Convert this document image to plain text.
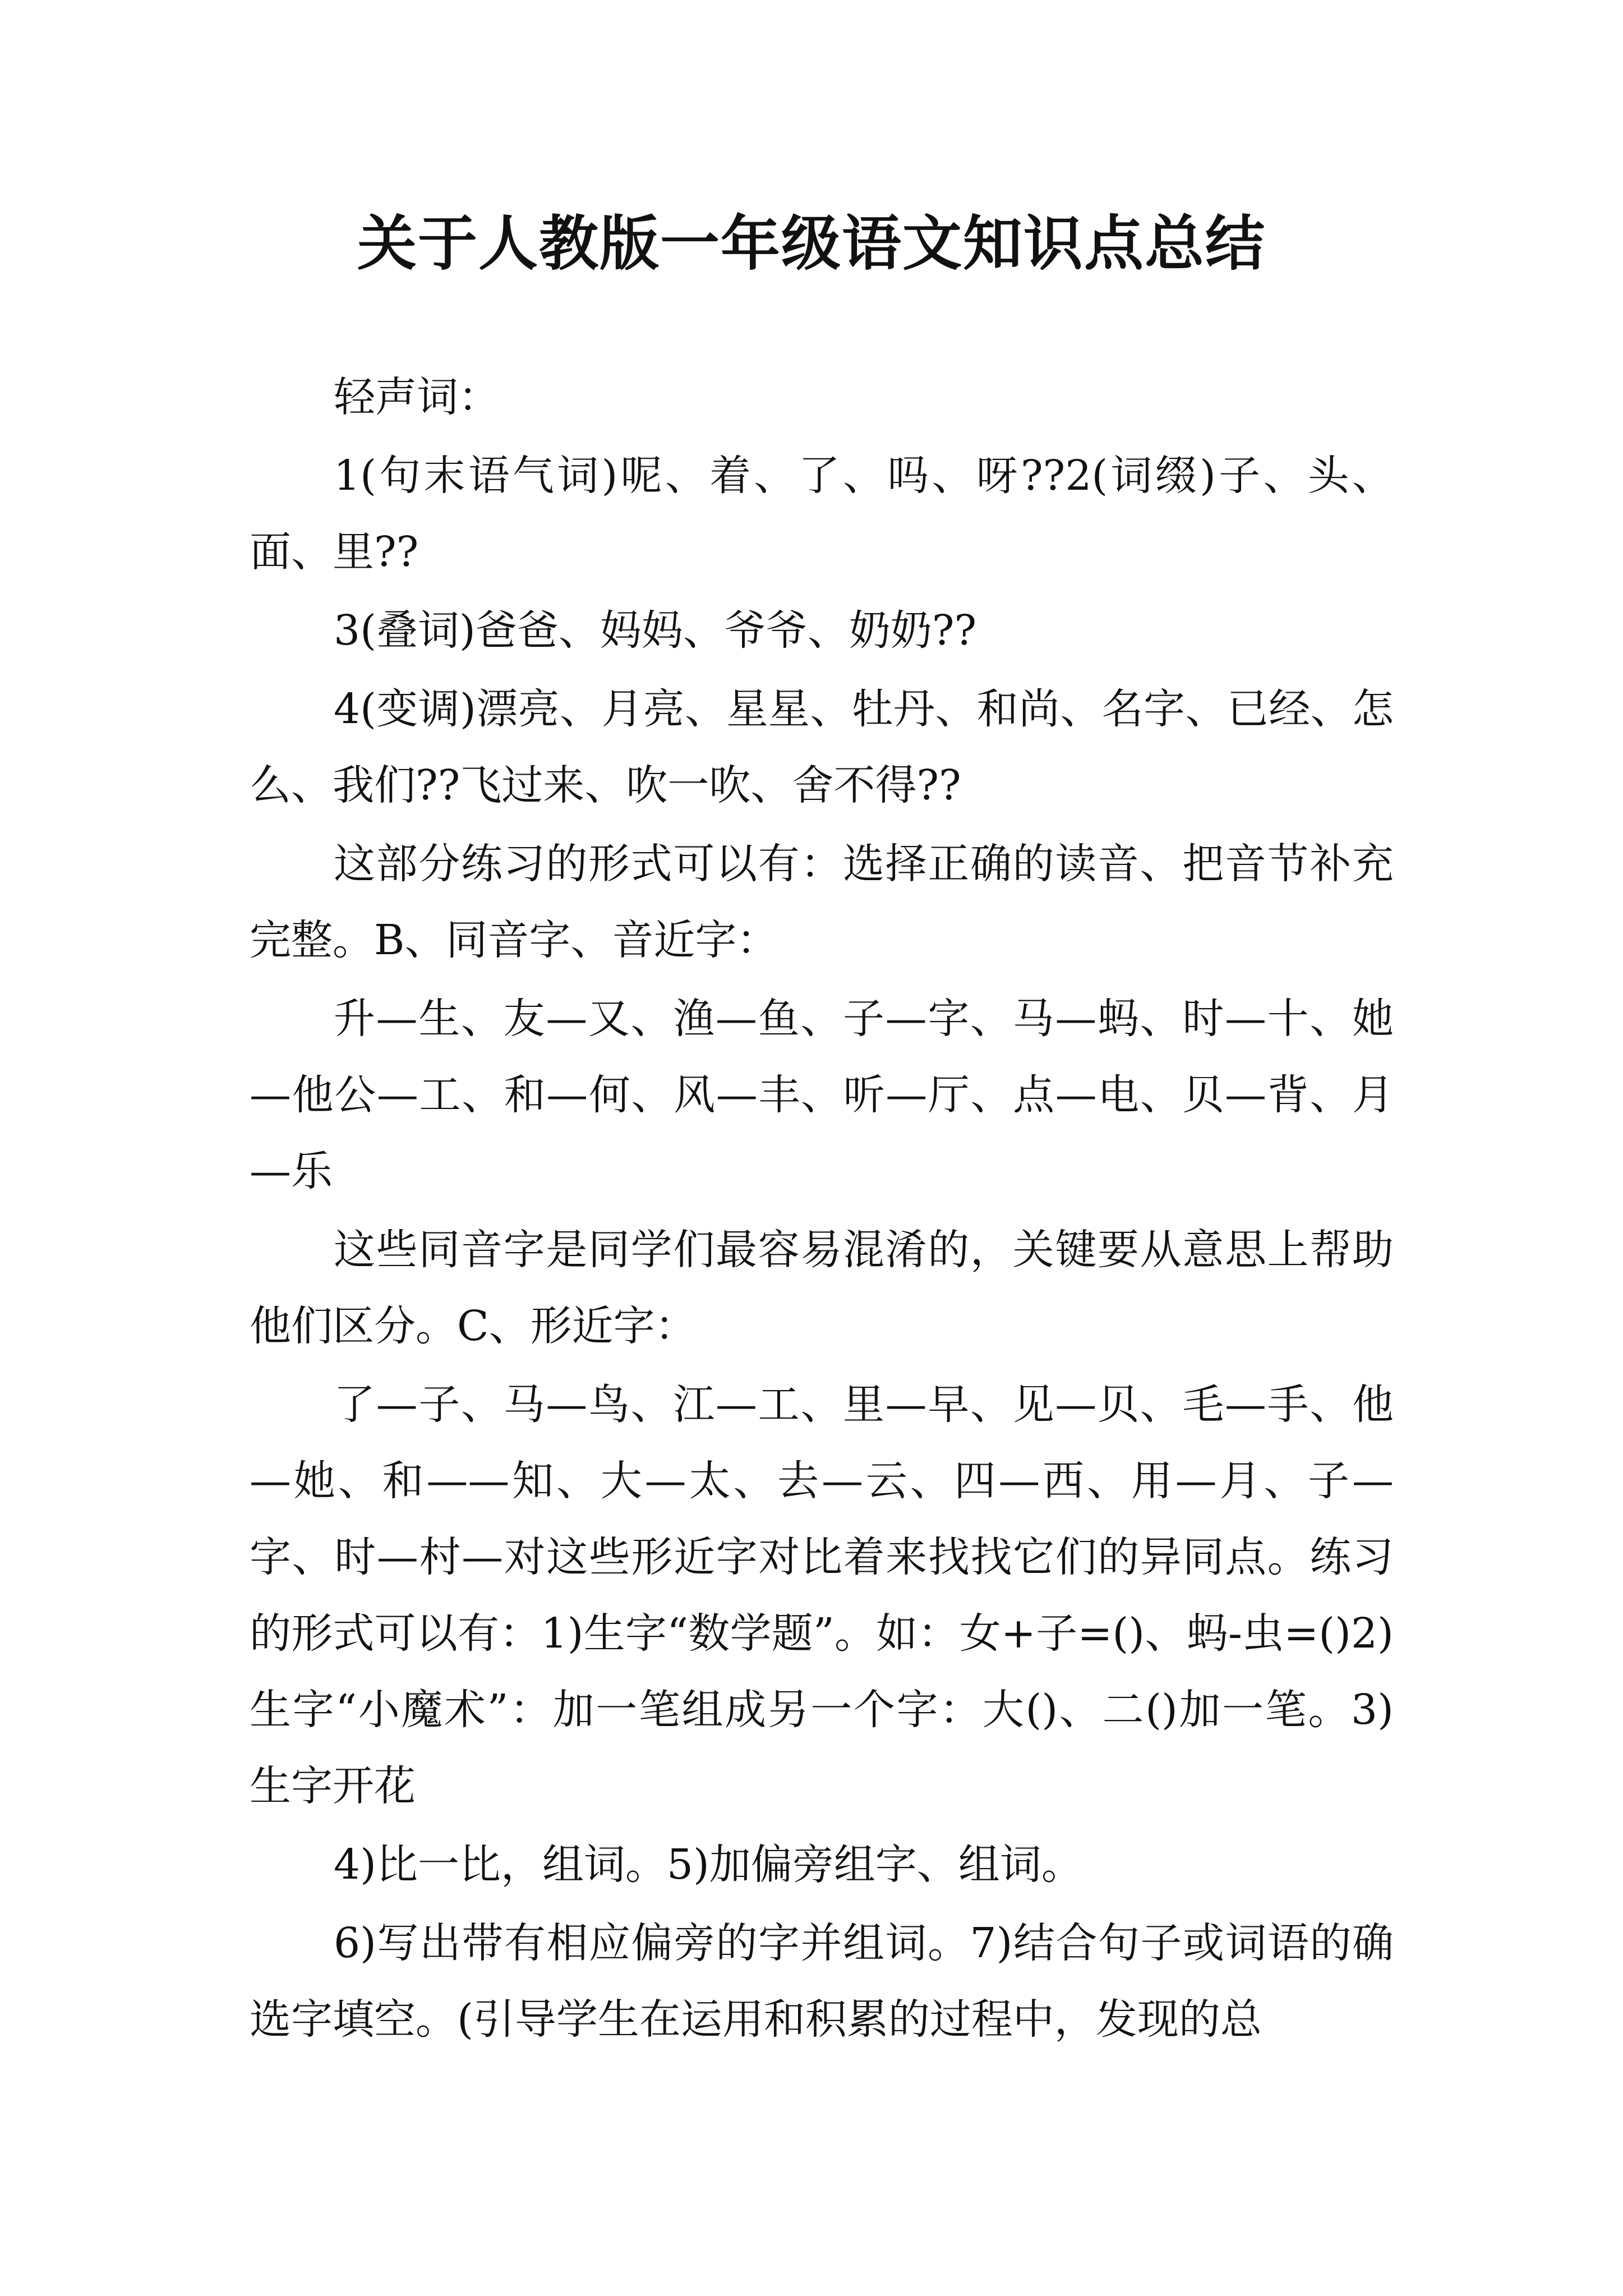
关于人教版一年级语文知识点总结

轻声词：

1(句末语气词)呢、着、了、吗、呀??2(词缀)子、头、面、里??

3(叠词)爸爸、妈妈、爷爷、奶奶??

4(变调)漂亮、月亮、星星、牡丹、和尚、名字、已经、怎么、我们??飞过来、吹一吹、舍不得??

这部分练习的形式可以有：选择正确的读音、把音节补充完整。B、同音字、音近字：

升—生、友—又、渔—鱼、子—字、马—蚂、时—十、她—他公—工、和—何、风—丰、听—厅、点—电、贝—背、月—乐

这些同音字是同学们最容易混淆的，关键要从意思上帮助他们区分。C、形近字：

了—子、马—鸟、江—工、里—早、见—贝、毛—手、他—她、和——知、大—太、去—云、四—西、用—月、子—字、时—村—对这些形近字对比着来找找它们的异同点。练习的形式可以有：1)生字“数学题”。如：女+子=()、蚂-虫=()2)生字“小魔术”：加一笔组成另一个字：大()、二()加一笔。3)生字开花

4)比一比，组词。5)加偏旁组字、组词。

6)写出带有相应偏旁的字并组词。7)结合句子或词语的确选字填空。(引导学生在运用和积累的过程中，发现的总
